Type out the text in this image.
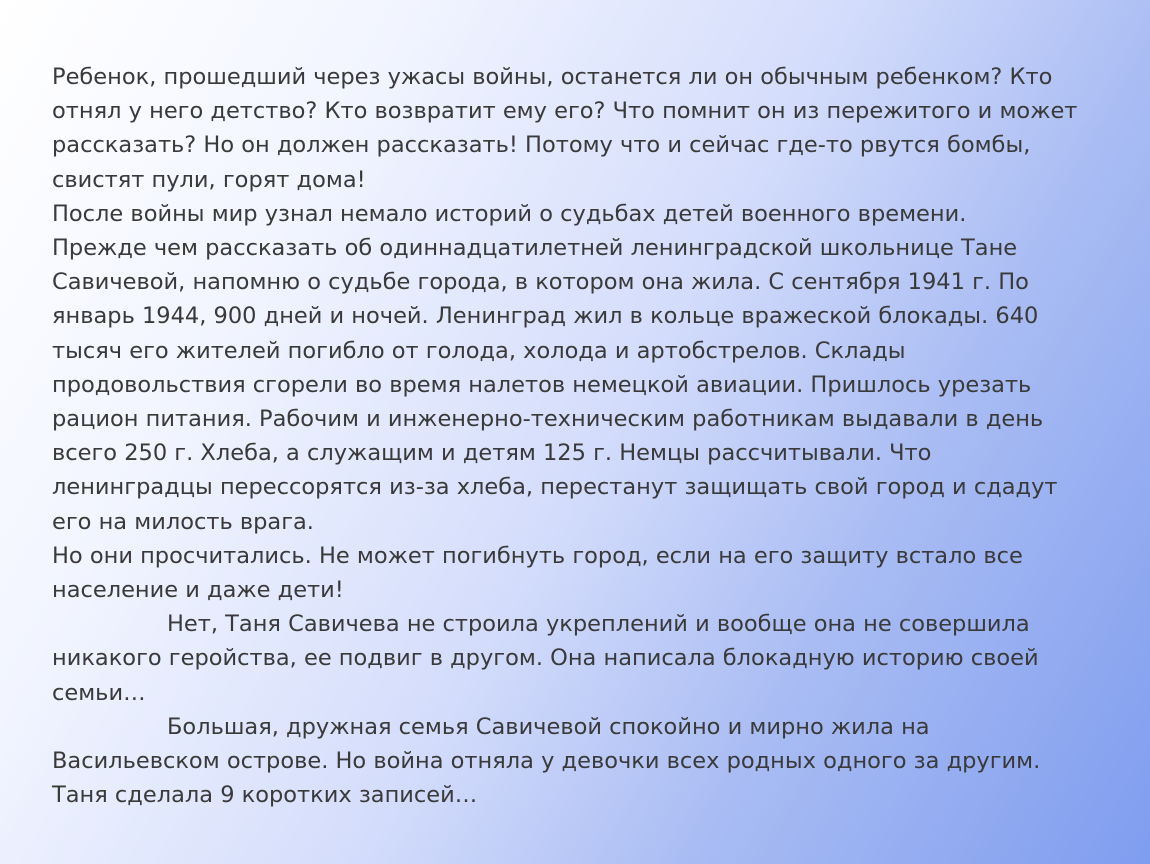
Ребенок, прошедший через ужасы войны, останется ли он обычным ребенком? Кто

отнял у него детство? Кто возвратит ему его? Что помнит он из пережитого и может

рассказать? Но он должен рассказать! Потому что и сейчас где-то рвутся бомбы,

свистят пули, горят дома!

После войны мир узнал немало историй о судьбах детей военного времени.

Прежде чем рассказать об одиннадцатилетней ленинградской школьнице Тане

Савичевой, напомню о судьбе города, в котором она жила. С сентября 1941 г. По

январь 1944, 900 дней и ночей. Ленинград жил в кольце вражеской блокады. 640

тысяч его жителей погибло от голода, холода и артобстрелов. Склады

продовольствия сгорели во время налетов немецкой авиации. Пришлось урезать

рацион питания. Рабочим и инженерно-техническим работникам выдавали в день

всего 250 г. Хлеба, а служащим и детям 125 г. Немцы рассчитывали. Что

ленинградцы перессорятся из-за хлеба, перестанут защищать свой город и сдадут

его на милость врага.

Но они просчитались. Не может погибнуть город, если на его защиту встало все

население и даже дети!

Нет, Таня Савичева не строила укреплений и вообще она не совершила

никакого геройства, ее подвиг в другом. Она написала блокадную историю своей

семьи…

Большая, дружная семья Савичевой спокойно и мирно жила на

Васильевском острове. Но война отняла у девочки всех родных одного за другим.

Таня сделала 9 коротких записей…
